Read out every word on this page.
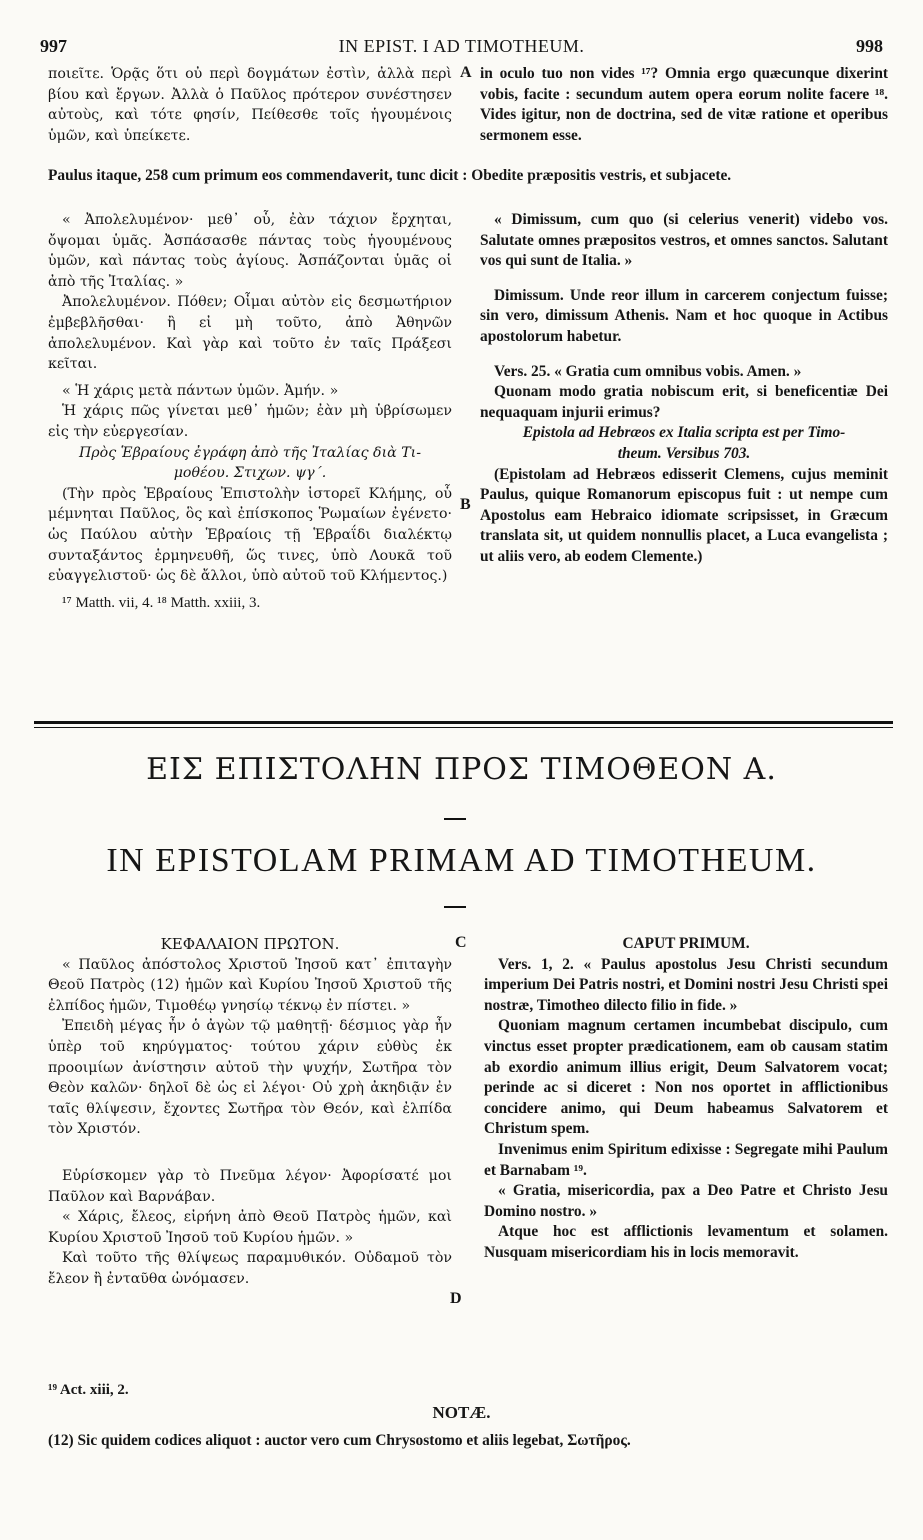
997	IN EPIST. I AD TIMOTHEUM.	998

ποιεῖτε. Ὁρᾷς ὅτι οὐ περὶ δογμάτων ἐστὶν, ἀλλὰ περὶ βίου καὶ ἔργων. Ἀλλὰ ὁ Παῦλος πρότερον συνέστησεν αὐτοὺς, καὶ τότε φησίν, Πείθεσθε τοῖς ἡγουμένοις ὑμῶν, καὶ ὑπείκετε.

in oculo tuo non vides ¹⁷? Omnia ergo quæcunque dixerint vobis, facite : secundum autem opera eorum nolite facere ¹⁸. Vides igitur, non de doctrina, sed de vitæ ratione et operibus sermonem esse.

A
Paulus itaque, 258 cum primum eos commendaverit, tunc dicit : Obedite præpositis vestris, et subjacete.

« Ἀπολελυμένον· μεθ᾽ οὗ, ἐὰν τάχιον ἔρχηται, ὄψομαι ὑμᾶς. Ἀσπάσασθε πάντας τοὺς ἡγουμένους ὑμῶν, καὶ πάντας τοὺς ἁγίους. Ἀσπάζονται ὑμᾶς οἱ ἀπὸ τῆς Ἰταλίας. »

Ἀπολελυμένον. Πόθεν; Οἶμαι αὐτὸν εἰς δεσμωτήριον ἐμβεβλῆσθαι· ἢ εἰ μὴ τοῦτο, ἀπὸ Ἀθηνῶν ἀπολελυμένον. Καὶ γὰρ καὶ τοῦτο ἐν ταῖς Πράξεσι κεῖται.

« Ἡ χάρις μετὰ πάντων ὑμῶν. Ἀμήν. »

Ἡ χάρις πῶς γίνεται μεθ᾽ ἡμῶν; ἐὰν μὴ ὑβρίσωμεν εἰς τὴν εὐεργεσίαν.

Πρὸς Ἑβραίους ἐγράφη ἀπὸ τῆς Ἰταλίας διὰ Τι-

μοθέου. Στιχων. ψγ΄.

(Τὴν πρὸς Ἑβραίους Ἐπιστολὴν ἱστορεῖ Κλήμης, οὗ μέμνηται Παῦλος, ὃς καὶ ἐπίσκοπος Ῥωμαίων ἐγένετο· ὡς Παύλου αὐτὴν Ἑβραίοις τῇ Ἑβραΐδι διαλέκτῳ συνταξάντος ἑρμηνευθῆ, ὥς τινες, ὑπὸ Λουκᾶ τοῦ εὐαγγελιστοῦ· ὡς δὲ ἄλλοι, ὑπὸ αὐτοῦ τοῦ Κλήμεντος.)

¹⁷ Matth. vii, 4. ¹⁸ Matth. xxiii, 3.

« Dimissum, cum quo (si celerius venerit) videbo vos. Salutate omnes præpositos vestros, et omnes sanctos. Salutant vos qui sunt de Italia. »

Dimissum. Unde reor illum in carcerem conjectum fuisse; sin vero, dimissum Athenis. Nam et hoc quoque in Actibus apostolorum habetur.

Vers. 25. « Gratia cum omnibus vobis. Amen. »

Quonam modo gratia nobiscum erit, si beneficentiæ Dei nequaquam injurii erimus?

Epistola ad Hebræos ex Italia scripta est per Timo-

theum. Versibus 703.

(Epistolam ad Hebræos edisserit Clemens, cujus meminit Paulus, quique Romanorum episcopus fuit : ut nempe cum Apostolus eam Hebraico idiomate scripsisset, in Græcum translata sit, ut quidem nonnullis placet, a Luca evangelista ; ut aliis vero, ab eodem Clemente.)

B
ΕΙΣ ΕΠΙΣΤΟΛΗΝ ΠΡΟΣ ΤΙΜΟΘΕΟΝ Α.
IN EPISTOLAM PRIMAM AD TIMOTHEUM.

ΚΕΦΑΛΑΙΟΝ ΠΡΩΤΟΝ.

« Παῦλος ἀπόστολος Χριστοῦ Ἰησοῦ κατ᾽ ἐπιταγὴν Θεοῦ Πατρὸς (12) ἡμῶν καὶ Κυρίου Ἰησοῦ Χριστοῦ τῆς ἐλπίδος ἡμῶν, Τιμοθέῳ γνησίῳ τέκνῳ ἐν πίστει. »

Ἐπειδὴ μέγας ἦν ὁ ἀγὼν τῷ μαθητῇ· δέσμιος γὰρ ἦν ὑπὲρ τοῦ κηρύγματος· τούτου χάριν εὐθὺς ἐκ προοιμίων ἀνίστησιν αὐτοῦ τὴν ψυχήν, Σωτῆρα τὸν Θεὸν καλῶν· δηλοῖ δὲ ὡς εἰ λέγοι· Οὐ χρὴ ἀκηδιᾷν ἐν ταῖς θλίψεσιν, ἔχοντες Σωτῆρα τὸν Θεόν, καὶ ἐλπίδα τὸν Χριστόν.

Εὑρίσκομεν γὰρ τὸ Πνεῦμα λέγον· Ἀφορίσατέ μοι Παῦλον καὶ Βαρνάβαν.

« Χάρις, ἔλεος, εἰρήνη ἀπὸ Θεοῦ Πατρὸς ἡμῶν, καὶ Κυρίου Χριστοῦ Ἰησοῦ τοῦ Κυρίου ἡμῶν. »

Καὶ τοῦτο τῆς θλίψεως παραμυθικόν. Οὐδαμοῦ τὸν ἔλεον ἢ ἐνταῦθα ὠνόμασεν.

¹⁹ Act. xiii, 2.

CAPUT PRIMUM.

Vers. 1, 2. « Paulus apostolus Jesu Christi secundum imperium Dei Patris nostri, et Domini nostri Jesu Christi spei nostræ, Timotheo dilecto filio in fide. »

Quoniam magnum certamen incumbebat discipulo, cum vinctus esset propter prædicationem, eam ob causam statim ab exordio animum illius erigit, Deum Salvatorem vocat; perinde ac si diceret : Non nos oportet in afflictionibus concidere animo, qui Deum habeamus Salvatorem et Christum spem.

Invenimus enim Spiritum edixisse : Segregate mihi Paulum et Barnabam ¹⁹.

« Gratia, misericordia, pax a Deo Patre et Christo Jesu Domino nostro. »

Atque hoc est afflictionis levamentum et solamen. Nusquam misericordiam his in locis memoravit.

C
D
NOTÆ.
(12) Sic quidem codices aliquot : auctor vero cum Chrysostomo et aliis legebat, Σωτῆρος.
